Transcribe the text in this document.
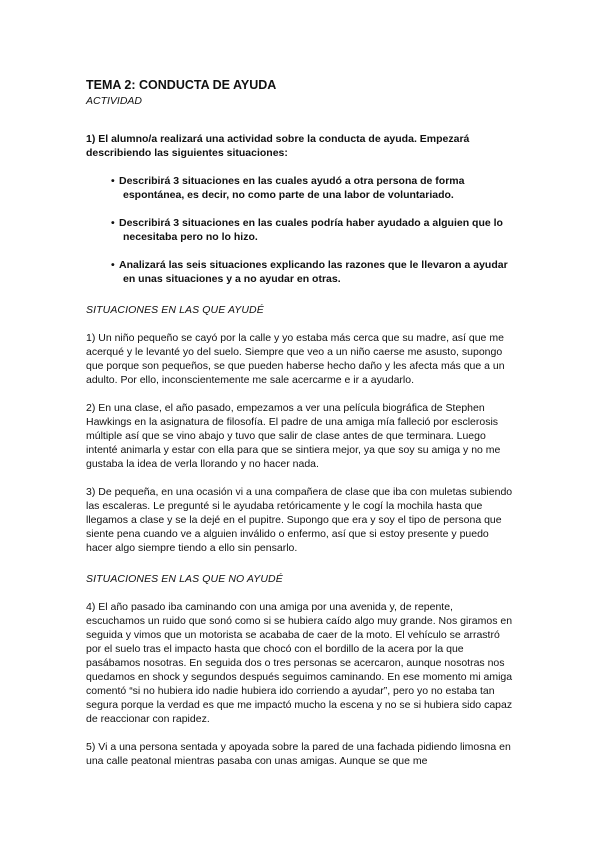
TEMA 2: CONDUCTA DE AYUDA
ACTIVIDAD

1) El alumno/a realizará una actividad sobre la conducta de ayuda. Empezará describiendo las siguientes situaciones:

• Describirá 3 situaciones en las cuales ayudó a otra persona de forma espontánea, es decir, no como parte de una labor de voluntariado.
• Describirá 3 situaciones en las cuales podría haber ayudado a alguien que lo necesitaba pero no lo hizo.
• Analizará las seis situaciones explicando las razones que le llevaron a ayudar en unas situaciones y a no ayudar en otras.
SITUACIONES EN LAS QUE AYUDÉ

1) Un niño pequeño se cayó por la calle y yo estaba más cerca que su madre, así que me acerqué y le levanté yo del suelo. Siempre que veo a un niño caerse me asusto, supongo que porque son pequeños, se que pueden haberse hecho daño y les afecta más que a un adulto. Por ello, inconscientemente me sale acercarme e ir a ayudarlo.

2) En una clase, el año pasado, empezamos a ver una película biográfica de Stephen Hawkings en la asignatura de filosofía. El padre de una amiga mía falleció por esclerosis múltiple así que se vino abajo y tuvo que salir de clase antes de que terminara. Luego intenté animarla y estar con ella para que se sintiera mejor, ya que soy su amiga y no me gustaba la idea de verla llorando y no hacer nada.

3) De pequeña, en una ocasión vi a una compañera de clase que iba con muletas subiendo las escaleras. Le pregunté si le ayudaba retóricamente y le cogí la mochila hasta que llegamos a clase y se la dejé en el pupitre. Supongo que era y soy el tipo de persona que siente pena cuando ve a alguien inválido o enfermo, así que si estoy presente y puedo hacer algo siempre tiendo a ello sin pensarlo.

SITUACIONES EN LAS QUE NO AYUDÉ

4) El año pasado iba caminando con una amiga por una avenida y, de repente, escuchamos un ruido que sonó como si se hubiera caído algo muy grande. Nos giramos en seguida y vimos que un motorista se acababa de caer de la moto. El vehículo se arrastró por el suelo tras el impacto hasta que chocó con el bordillo de la acera por la que pasábamos nosotras. En seguida dos o tres personas se acercaron, aunque nosotras nos quedamos en shock y segundos después seguimos caminando. En ese momento mi amiga comentó “si no hubiera ido nadie hubiera ido corriendo a ayudar”, pero yo no estaba tan segura porque la verdad es que me impactó mucho la escena y no se si hubiera sido capaz de reaccionar con rapidez.

5) Vi a una persona sentada y apoyada sobre la pared de una fachada pidiendo limosna en una calle peatonal mientras pasaba con unas amigas. Aunque se que me
